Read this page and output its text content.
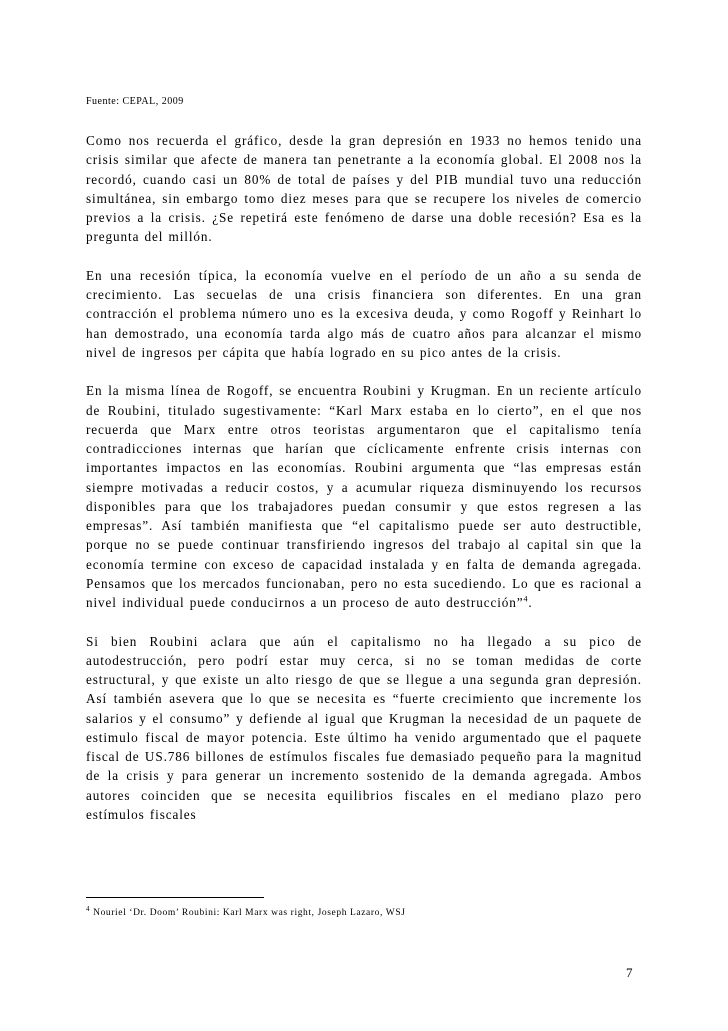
Fuente: CEPAL, 2009

Como nos recuerda el gráfico, desde la gran depresión en 1933 no hemos tenido una crisis similar que afecte de manera tan penetrante a la economía global. El 2008 nos la recordó, cuando casi un 80% de total de países y del PIB mundial tuvo una reducción simultánea, sin embargo tomo diez meses para que se recupere los niveles de comercio previos a la crisis. ¿Se repetirá este fenómeno de darse una doble recesión? Esa es la pregunta del millón.

En una recesión típica, la economía vuelve en el período de un año a su senda de crecimiento. Las secuelas de una crisis financiera son diferentes. En una gran contracción el problema número uno es la excesiva deuda, y como Rogoff y Reinhart lo han demostrado, una economía tarda algo más de cuatro años para alcanzar el mismo nivel de ingresos per cápita que había logrado en su pico antes de la crisis.

En la misma línea de Rogoff, se encuentra Roubini y Krugman. En un reciente artículo de Roubini, titulado sugestivamente: “Karl Marx estaba en lo cierto”, en el que nos recuerda que Marx entre otros teoristas argumentaron que el capitalismo tenía contradicciones internas que harían que cíclicamente enfrente crisis internas con importantes impactos en las economías. Roubini argumenta que “las empresas están siempre motivadas a reducir costos, y a acumular riqueza disminuyendo los recursos disponibles para que los trabajadores puedan consumir y que estos regresen a las empresas”. Así también manifiesta que “el capitalismo puede ser auto destructible, porque no se puede continuar transfiriendo ingresos del trabajo al capital sin que la economía termine con exceso de capacidad instalada y en falta de demanda agregada. Pensamos que los mercados funcionaban, pero no esta sucediendo. Lo que es racional a nivel individual puede conducirnos a un proceso de auto destrucción”$^4$.

Si bien Roubini aclara que aún el capitalismo no ha llegado a su pico de autodestrucción, pero podrí estar muy cerca, si no se toman medidas de corte estructural, y que existe un alto riesgo de que se llegue a una segunda gran depresión. Así también asevera que lo que se necesita es “fuerte crecimiento que incremente los salarios y el consumo” y defiende al igual que Krugman la necesidad de un paquete de estimulo fiscal de mayor potencia. Este último ha venido argumentado que el paquete fiscal de US.786 billones de estímulos fiscales fue demasiado pequeño para la magnitud de la crisis y para generar un incremento sostenido de la demanda agregada. Ambos autores coinciden que se necesita equilibrios fiscales en el mediano plazo pero estímulos fiscales

$^4$ Nouriel ‘Dr. Doom’ Roubini: Karl Marx was right, Joseph Lazaro, WSJ
7
